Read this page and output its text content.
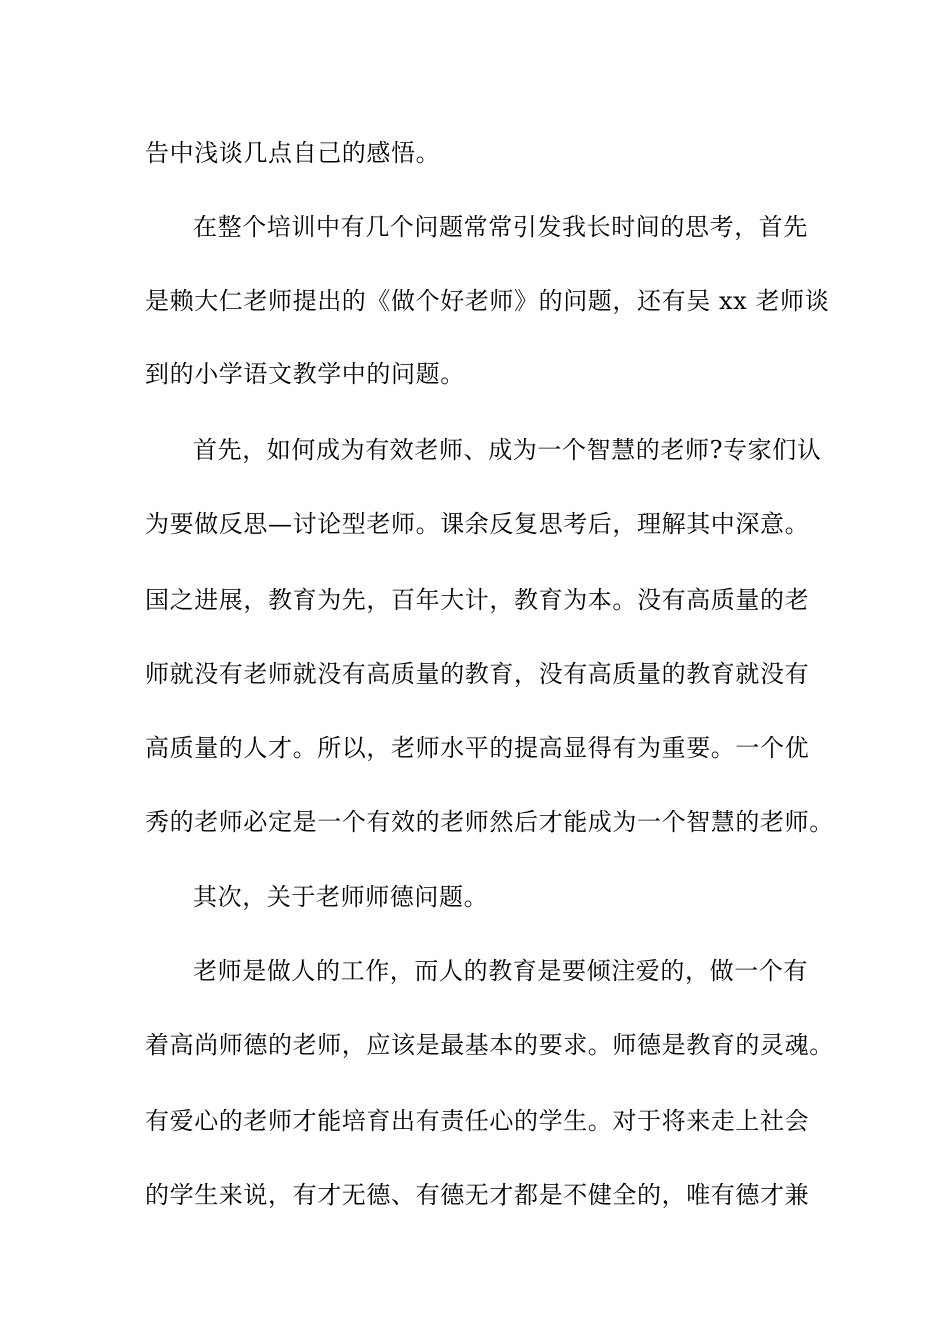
告中浅谈几点自己的感悟。
在整个培训中有几个问题常常引发我长时间的思考，首先
是赖大仁老师提出的《做个好老师》的问题，还有吴 xx 老师谈
到的小学语文教学中的问题。
首先，如何成为有效老师、成为一个智慧的老师?专家们认
为要做反思—讨论型老师。课余反复思考后，理解其中深意。
国之进展，教育为先，百年大计，教育为本。没有高质量的老
师就没有老师就没有高质量的教育，没有高质量的教育就没有
高质量的人才。所以，老师水平的提高显得有为重要。一个优
秀的老师必定是一个有效的老师然后才能成为一个智慧的老师。
其次，关于老师师德问题。
老师是做人的工作，而人的教育是要倾注爱的，做一个有
着高尚师德的老师，应该是最基本的要求。师德是教育的灵魂。
有爱心的老师才能培育出有责任心的学生。对于将来走上社会
的学生来说，有才无德、有德无才都是不健全的，唯有德才兼
